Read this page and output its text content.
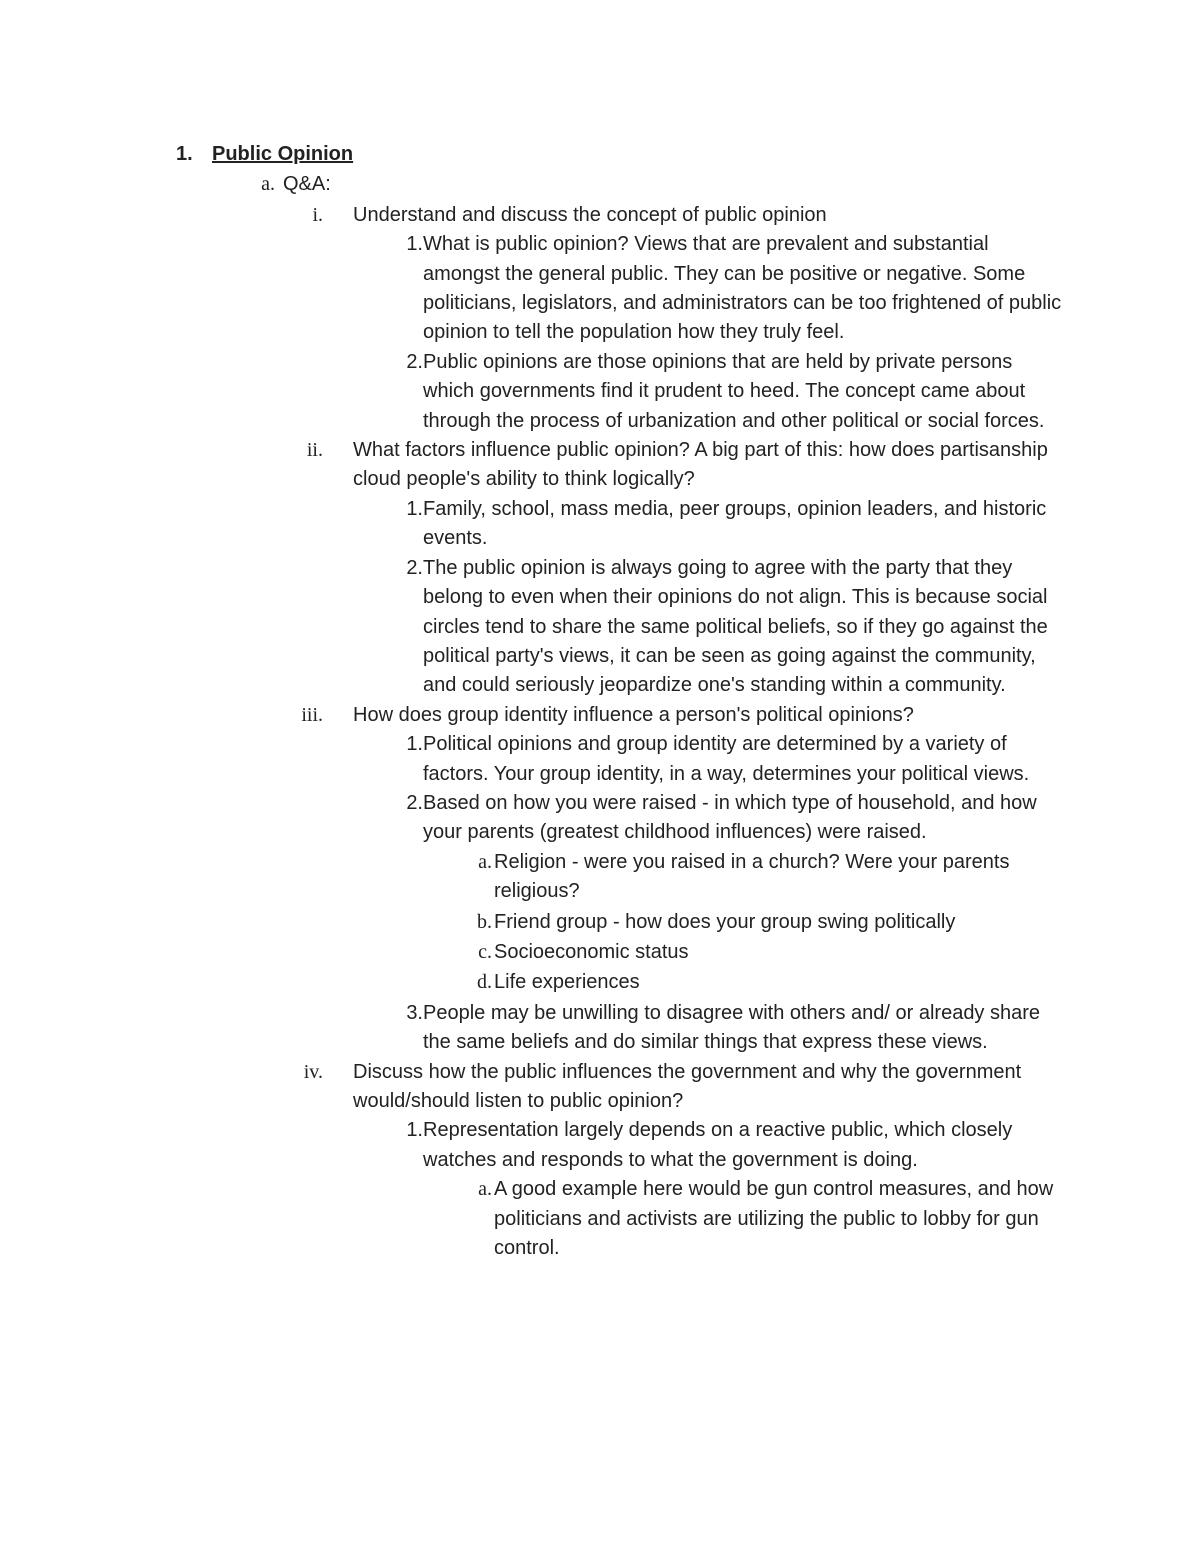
1. Public Opinion
a. Q&A:
i. Understand and discuss the concept of public opinion
1. What is public opinion? Views that are prevalent and substantial amongst the general public. They can be positive or negative. Some politicians, legislators, and administrators can be too frightened of public opinion to tell the population how they truly feel.
2. Public opinions are those opinions that are held by private persons which governments find it prudent to heed. The concept came about through the process of urbanization and other political or social forces.
ii. What factors influence public opinion? A big part of this: how does partisanship cloud people's ability to think logically?
1. Family, school, mass media, peer groups, opinion leaders, and historic events.
2. The public opinion is always going to agree with the party that they belong to even when their opinions do not align. This is because social circles tend to share the same political beliefs, so if they go against the political party's views, it can be seen as going against the community, and could seriously jeopardize one's standing within a community.
iii. How does group identity influence a person's political opinions?
1. Political opinions and group identity are determined by a variety of factors. Your group identity, in a way, determines your political views.
2. Based on how you were raised - in which type of household, and how your parents (greatest childhood influences) were raised.
a. Religion - were you raised in a church? Were your parents religious?
b. Friend group - how does your group swing politically
c. Socioeconomic status
d. Life experiences
3. People may be unwilling to disagree with others and/ or already share the same beliefs and do similar things that express these views.
iv. Discuss how the public influences the government and why the government would/should listen to public opinion?
1. Representation largely depends on a reactive public, which closely watches and responds to what the government is doing.
a. A good example here would be gun control measures, and how politicians and activists are utilizing the public to lobby for gun control.
